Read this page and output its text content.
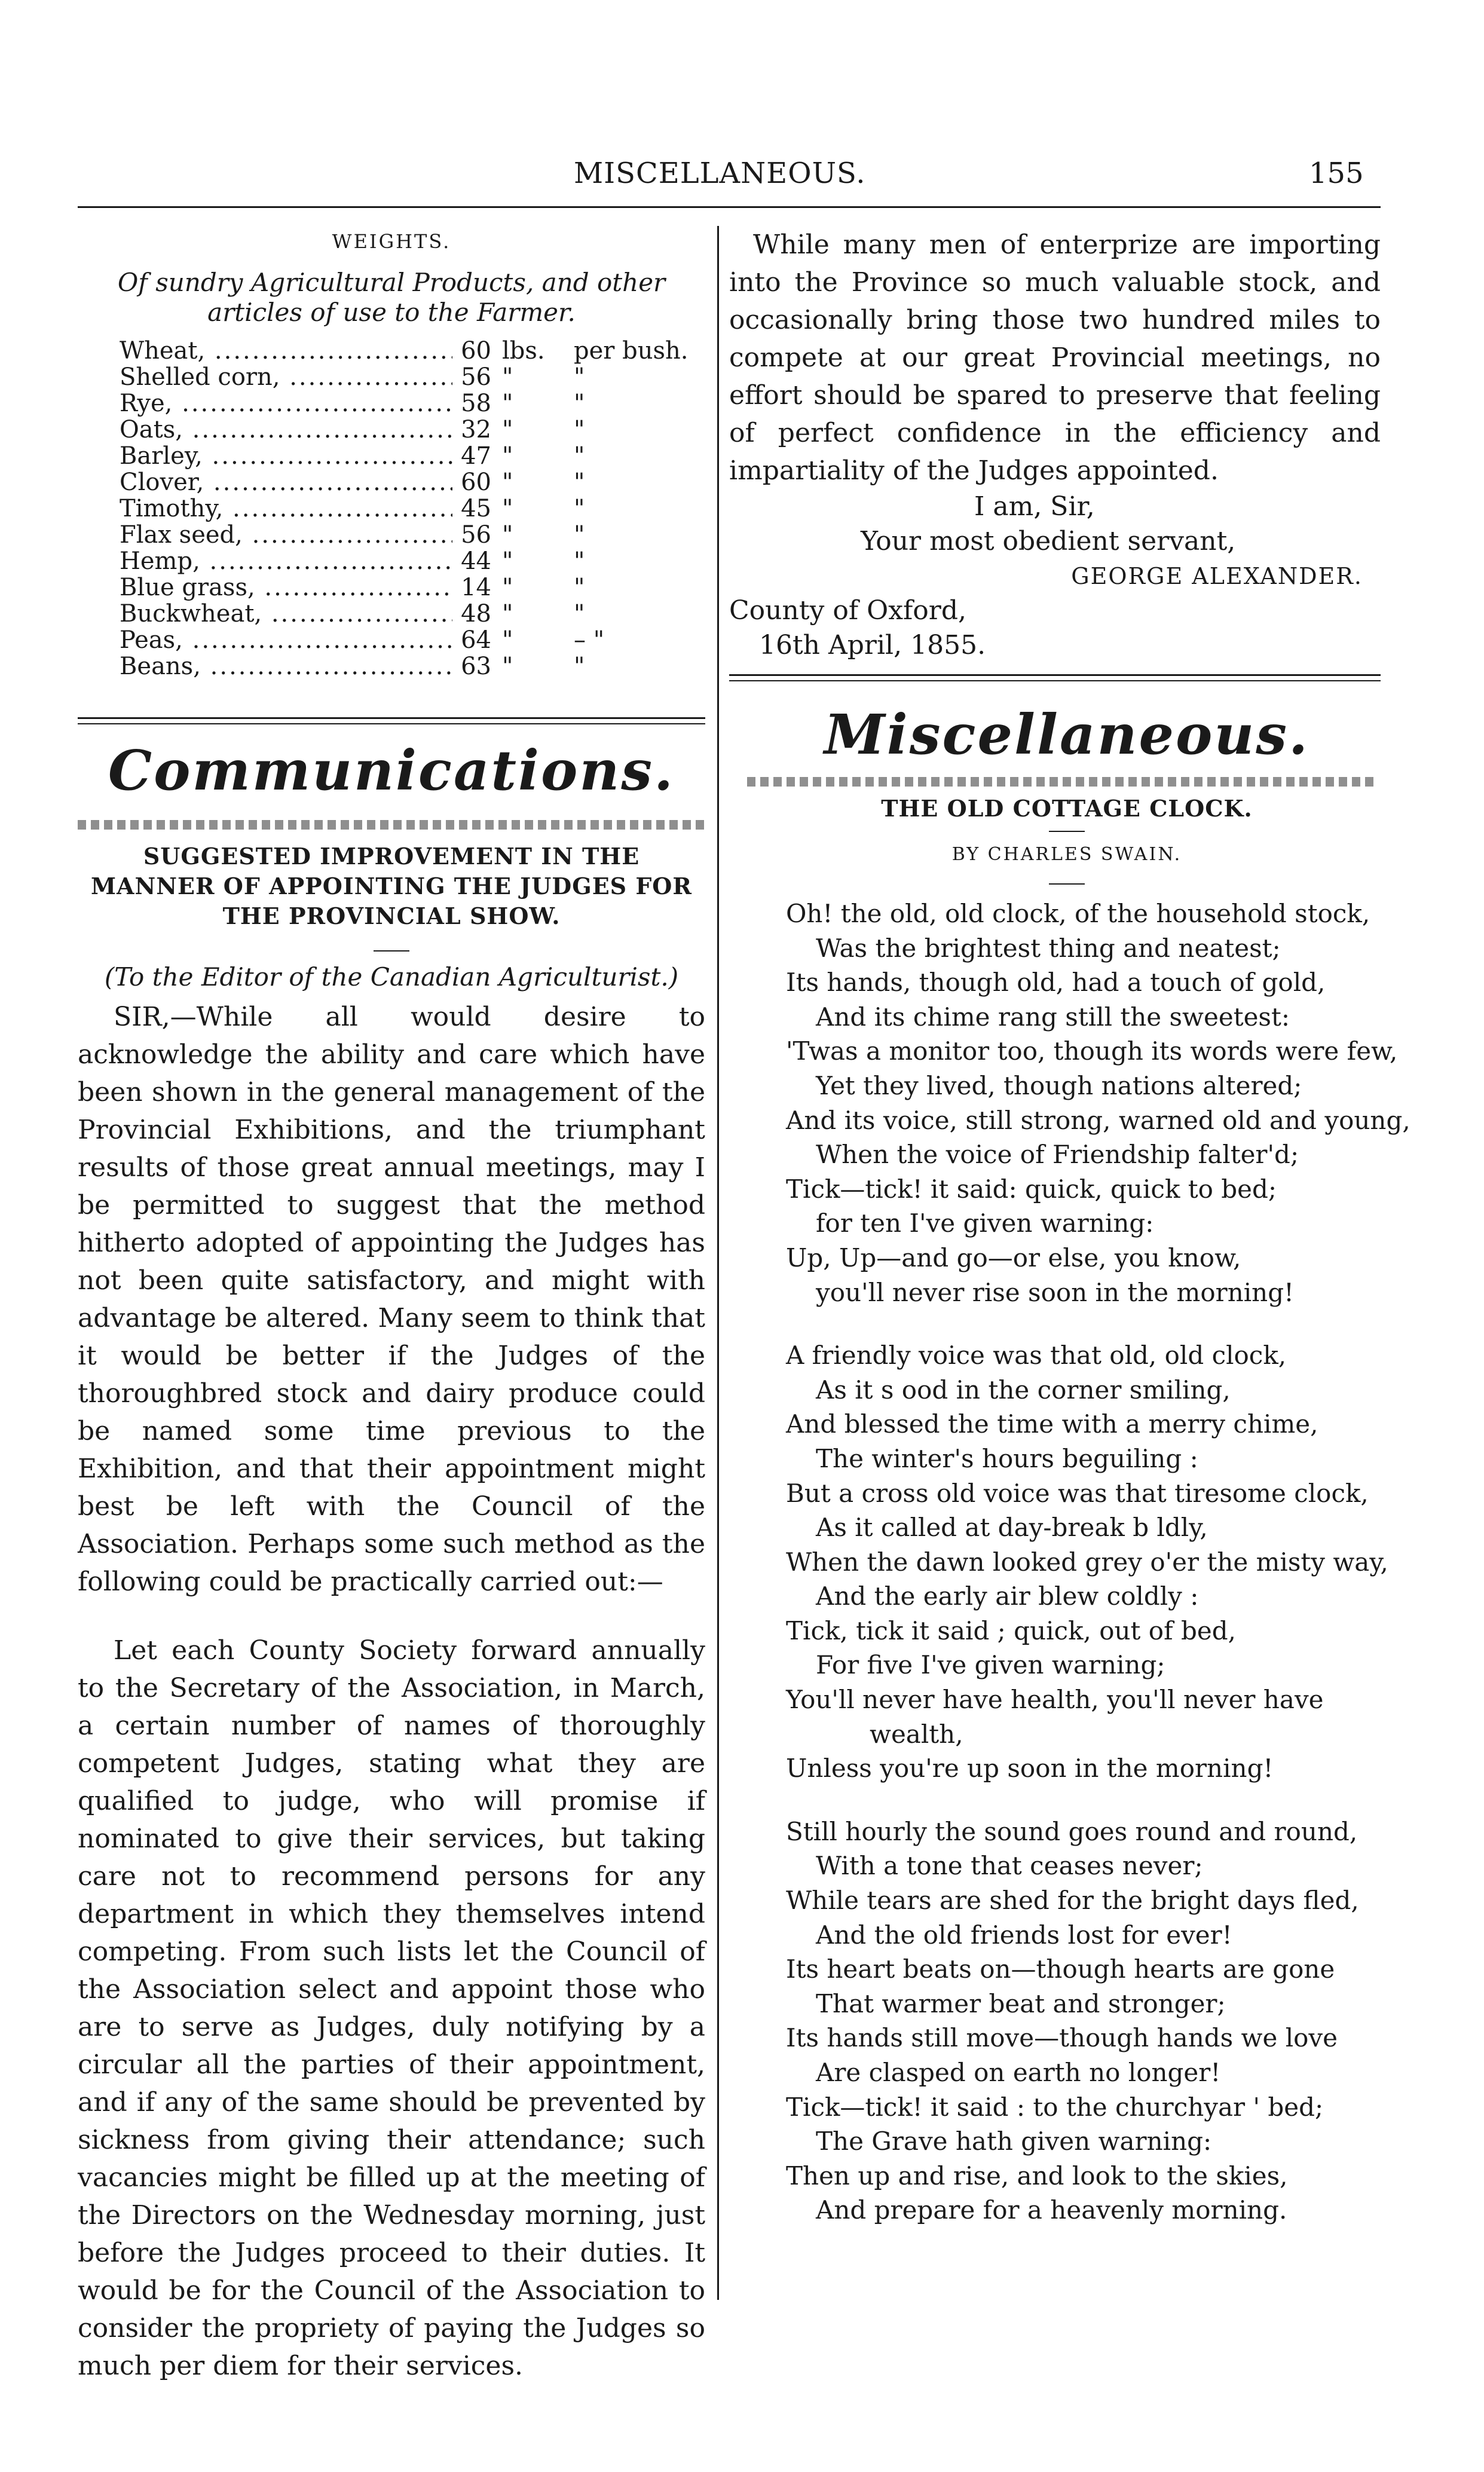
MISCELLANEOUS.	155
WEIGHTS.
Of sundry Agricultural Products, and other articles of use to the Farmer.
Wheat, .....	60 lbs.	per bush.
Shelled corn, .....	56 "	"
Rye, .....	58 "	"
Oats, .....	32 "	"
Barley, .....	47 "	"
Clover, .....	60 "	"
Timothy, .....	45 "	"
Flax seed, .....	56 "	"
Hemp, .....	44 "	"
Blue grass, .....	14 "	"
Buckwheat, .....	48 "	"
Peas, .....	64 "	– "
Beans, .....	63 "	"
Communications.
SUGGESTED IMPROVEMENT IN THE MANNER OF APPOINTING THE JUDGES FOR THE PROVINCIAL SHOW.
(To the Editor of the Canadian Agriculturist.)

SIR,—While all would desire to acknowledge the ability and care which have been shown in the general management of the Provincial Exhibitions, and the triumphant results of those great annual meetings, may I be permitted to suggest that the method hitherto adopted of appointing the Judges has not been quite satisfactory, and might with advantage be altered. Many seem to think that it would be better if the Judges of the thoroughbred stock and dairy produce could be named some time previous to the Exhibition, and that their appointment might best be left with the Council of the Association. Perhaps some such method as the following could be practically carried out:—

Let each County Society forward annually to the Secretary of the Association, in March, a certain number of names of thoroughly competent Judges, stating what they are qualified to judge, who will promise if nominated to give their services, but taking care not to recommend persons for any department in which they themselves intend competing. From such lists let the Council of the Association select and appoint those who are to serve as Judges, duly notifying by a circular all the parties of their appointment, and if any of the same should be prevented by sickness from giving their attendance; such vacancies might be filled up at the meeting of the Directors on the Wednesday morning, just before the Judges proceed to their duties. It would be for the Council of the Association to consider the propriety of paying the Judges so much per diem for their services.

While many men of enterprize are importing into the Province so much valuable stock, and occasionally bring those two hundred miles to compete at our great Provincial meetings, no effort should be spared to preserve that feeling of perfect confidence in the efficiency and impartiality of the Judges appointed.

I am, Sir,
Your most obedient servant,
GEORGE ALEXANDER.
County of Oxford,
16th April, 1855.
Miscellaneous.
THE OLD COTTAGE CLOCK.
BY CHARLES SWAIN.
Oh! the old, old clock, of the household stock,
Was the brightest thing and neatest;
Its hands, though old, had a touch of gold,
And its chime rang still the sweetest:
'Twas a monitor too, though its words were few,
Yet they lived, though nations altered;
And its voice, still strong, warned old and young,
When the voice of Friendship falter'd;
Tick—tick! it said: quick, quick to bed;
for ten I've given warning:
Up, Up—and go—or else, you know,
you'll never rise soon in the morning!
A friendly voice was that old, old clock,
As it s ood in the corner smiling,
And blessed the time with a merry chime,
The winter's hours beguiling :
But a cross old voice was that tiresome clock,
As it called at day-break b ldly,
When the dawn looked grey o'er the misty way,
And the early air blew coldly :
Tick, tick it said ; quick, out of bed,
For five I've given warning;
You'll never have health, you'll never have
wealth,
Unless you're up soon in the morning!
Still hourly the sound goes round and round,
With a tone that ceases never;
While tears are shed for the bright days fled,
And the old friends lost for ever!
Its heart beats on—though hearts are gone
That warmer beat and stronger;
Its hands still move—though hands we love
Are clasped on earth no longer!
Tick—tick! it said : to the churchyar ' bed;
The Grave hath given warning:
Then up and rise, and look to the skies,
And prepare for a heavenly morning.
